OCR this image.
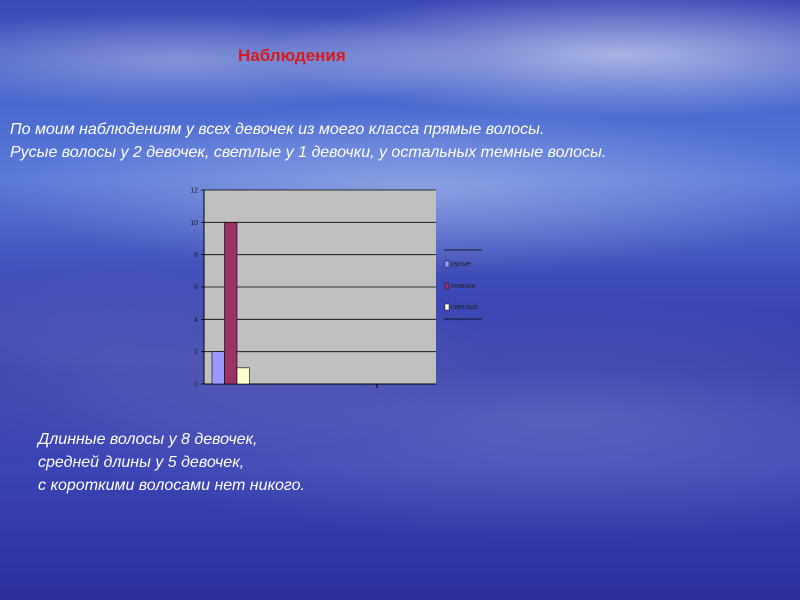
Наблюдения
По моим наблюдениям у всех девочек из моего класса прямые волосы.
Русые волосы у 2 девочек, светлые у 1 девочки, у остальных темные волосы.
0
2
4
6
8
10
12
1
русые
темные
светлые
Длинные волосы у 8 девочек,
средней длины у 5 девочек,
с короткими волосами нет никого.
